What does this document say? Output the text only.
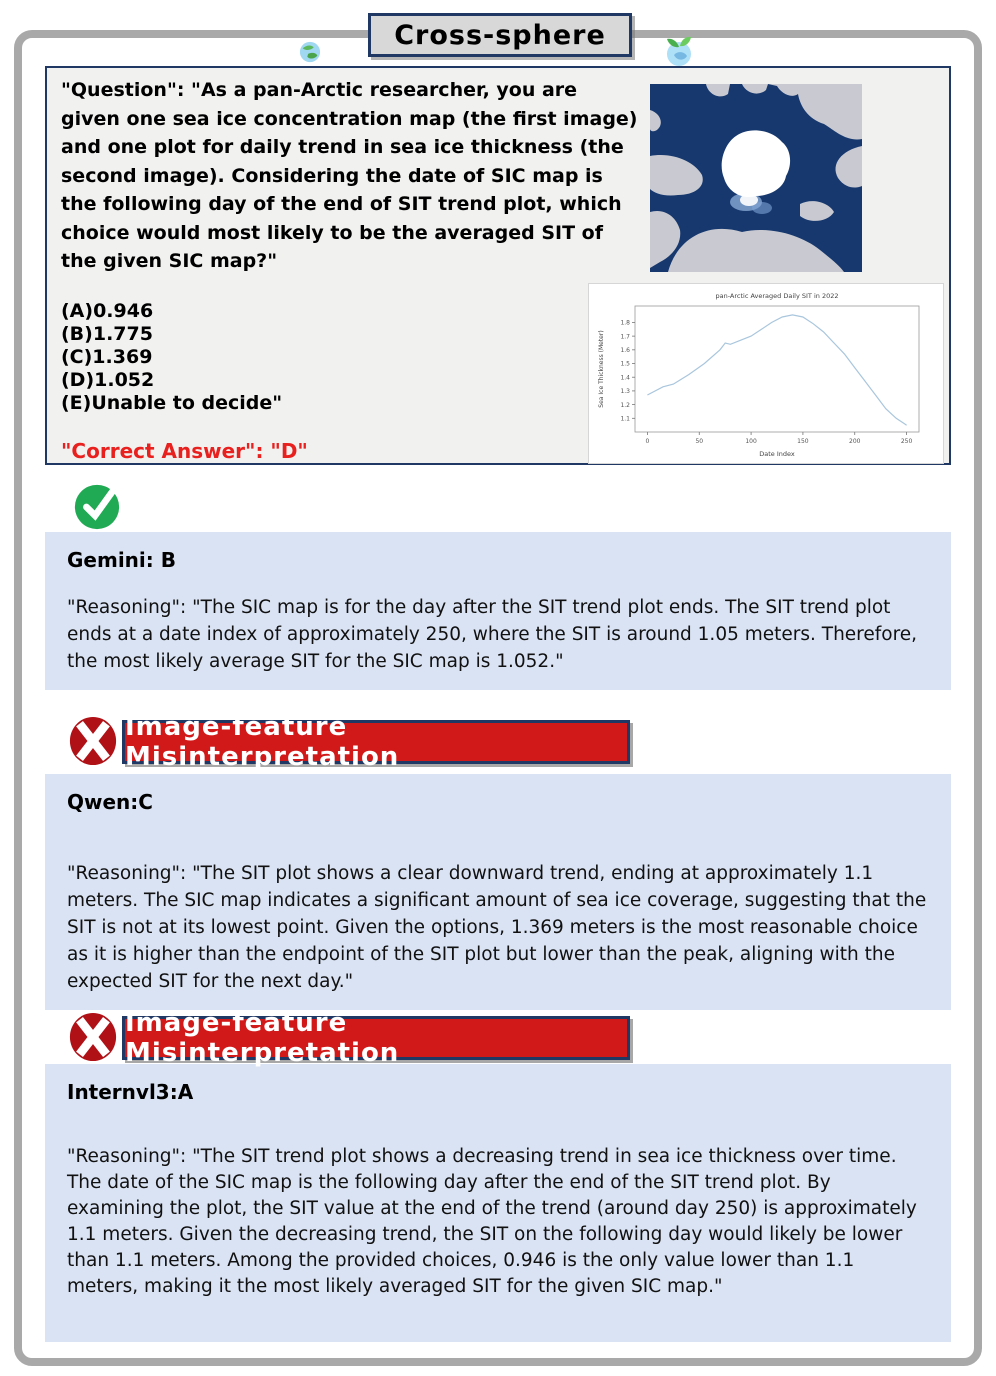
Cross-sphere
"Question": "As a pan-Arctic researcher, you are given one sea ice concentration map (the first image) and one plot for daily trend in sea ice thickness (the second image). Considering the date of SIC map is the following day of the end of SIT trend plot, which choice would most likely to be the averaged SIT of the given SIC map?"
(A)0.946
(B)1.775
(C)1.369
(D)1.052
(E)Unable to decide"
"Correct Answer": "D"
pan-Arctic Averaged Daily SIT in 2022
Date Index
Sea Ice Thickness (Meter)
0	50	100	150	200	250
1.1
1.2
1.3
1.4
1.5
1.6
1.7
1.8
Gemini: B
"Reasoning": "The SIC map is for the day after the SIT trend plot ends. The SIT trend plot ends at a date index of approximately 250, where the SIT is around 1.05 meters. Therefore, the most likely average SIT for the SIC map is 1.052."
Image-feature Misinterpretation
Qwen:C
"Reasoning": "The SIT plot shows a clear downward trend, ending at approximately 1.1 meters. The SIC map indicates a significant amount of sea ice coverage, suggesting that the SIT is not at its lowest point. Given the options, 1.369 meters is the most reasonable choice as it is higher than the endpoint of the SIT plot but lower than the peak, aligning with the expected SIT for the next day."
Image-feature Misinterpretation
Internvl3:A
"Reasoning": "The SIT trend plot shows a decreasing trend in sea ice thickness over time. The date of the SIC map is the following day after the end of the SIT trend plot. By examining the plot, the SIT value at the end of the trend (around day 250) is approximately 1.1 meters. Given the decreasing trend, the SIT on the following day would likely be lower than 1.1 meters. Among the provided choices, 0.946 is the only value lower than 1.1 meters, making it the most likely averaged SIT for the given SIC map."
